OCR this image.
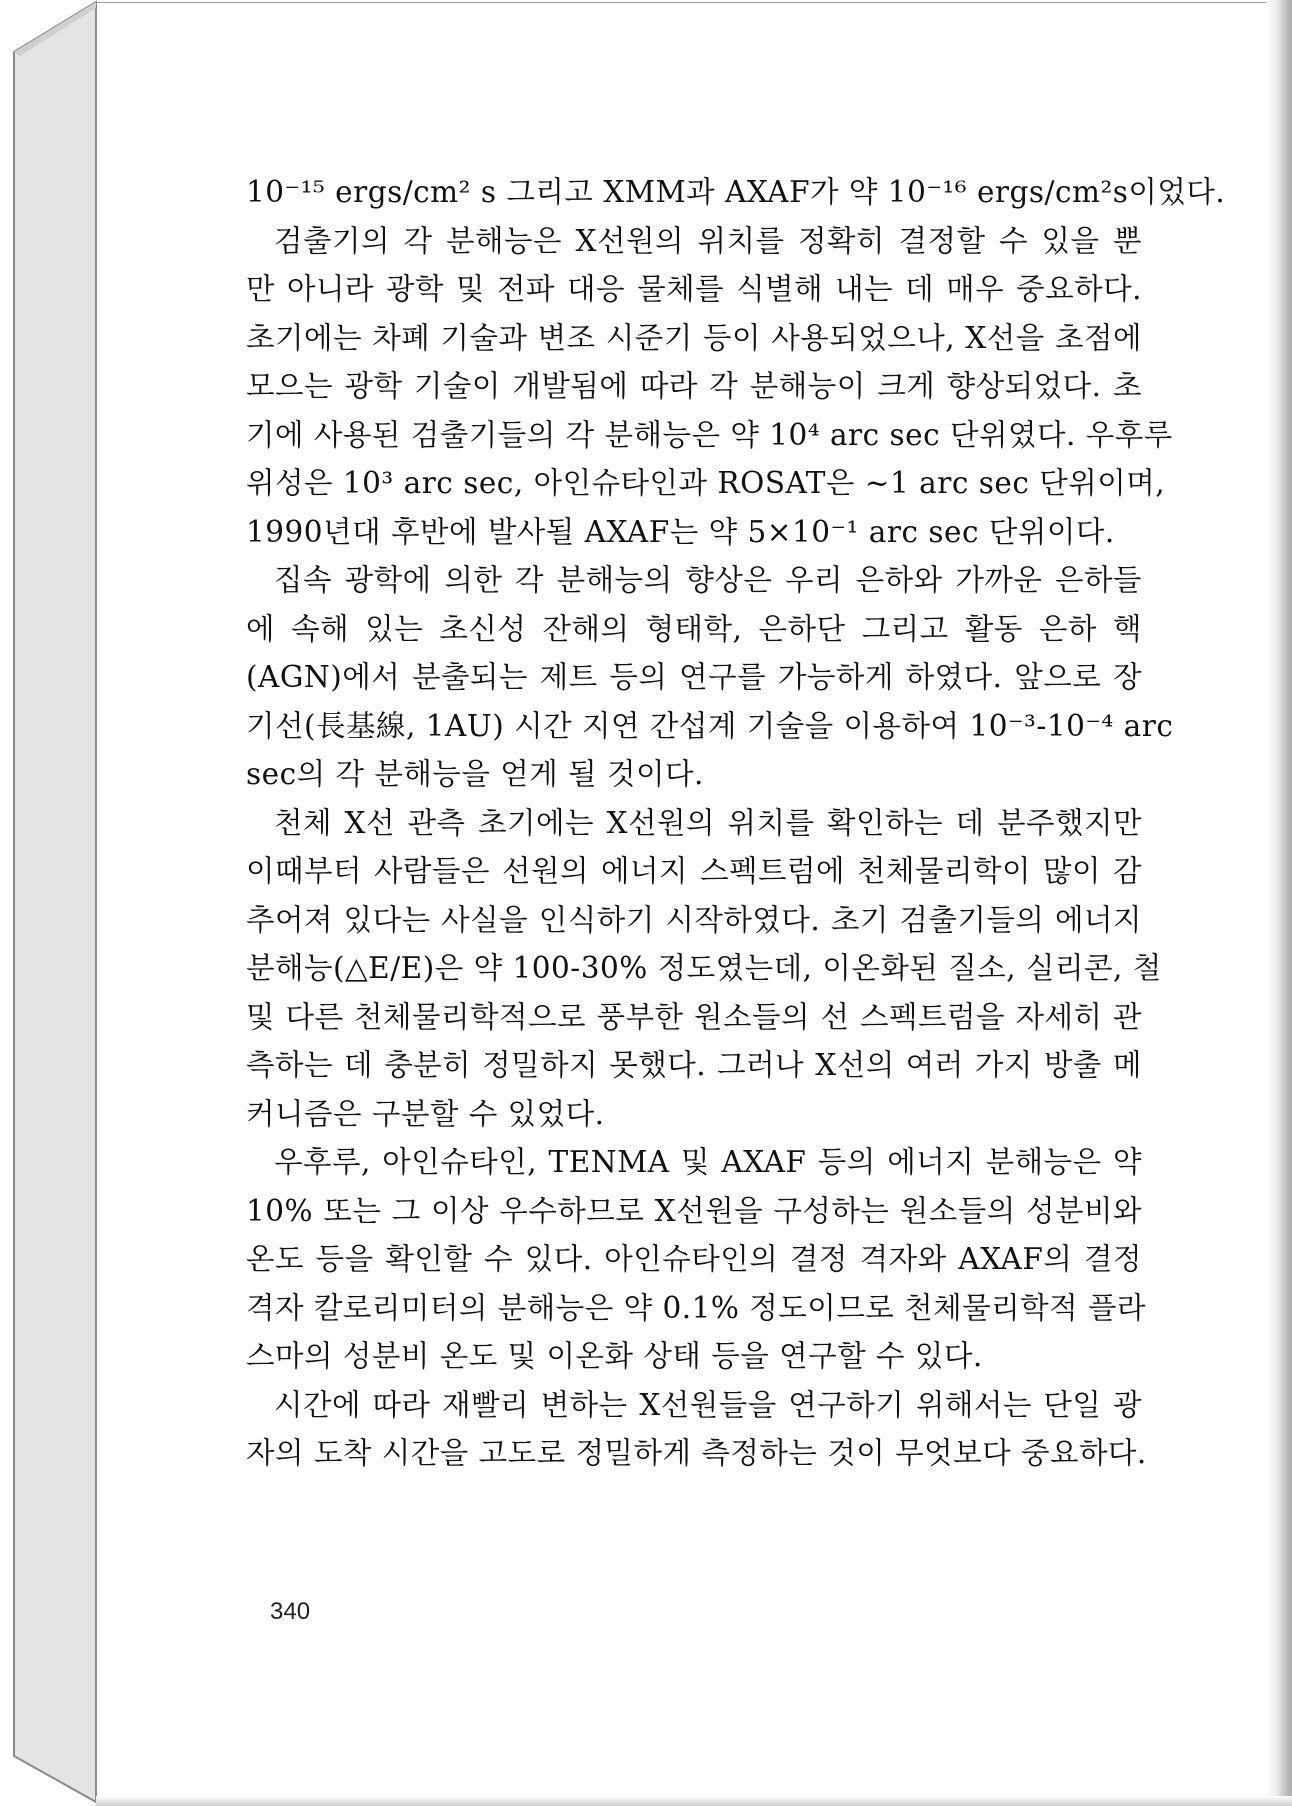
10⁻¹⁵ ergs/cm² s 그리고 XMM과 AXAF가 약 10⁻¹⁶ ergs/cm²s이었다.
검출기의 각 분해능은 X선원의 위치를 정확히 결정할 수 있을 뿐
만 아니라 광학 및 전파 대응 물체를 식별해 내는 데 매우 중요하다.
초기에는 차폐 기술과 변조 시준기 등이 사용되었으나, X선을 초점에
모으는 광학 기술이 개발됨에 따라 각 분해능이 크게 향상되었다. 초
기에 사용된 검출기들의 각 분해능은 약 10⁴ arc sec 단위였다. 우후루
위성은 10³ arc sec, 아인슈타인과 ROSAT은 ~1 arc sec 단위이며,
1990년대 후반에 발사될 AXAF는 약 5×10⁻¹ arc sec 단위이다.
집속 광학에 의한 각 분해능의 향상은 우리 은하와 가까운 은하들
에 속해 있는 초신성 잔해의 형태학, 은하단 그리고 활동 은하 핵
(AGN)에서 분출되는 제트 등의 연구를 가능하게 하였다. 앞으로 장
기선(長基線, 1AU) 시간 지연 간섭계 기술을 이용하여 10⁻³-10⁻⁴ arc
sec의 각 분해능을 얻게 될 것이다.
천체 X선 관측 초기에는 X선원의 위치를 확인하는 데 분주했지만
이때부터 사람들은 선원의 에너지 스펙트럼에 천체물리학이 많이 감
추어져 있다는 사실을 인식하기 시작하였다. 초기 검출기들의 에너지
분해능(△E/E)은 약 100-30% 정도였는데, 이온화된 질소, 실리콘, 철
및 다른 천체물리학적으로 풍부한 원소들의 선 스펙트럼을 자세히 관
측하는 데 충분히 정밀하지 못했다. 그러나 X선의 여러 가지 방출 메
커니즘은 구분할 수 있었다.
우후루, 아인슈타인, TENMA 및 AXAF 등의 에너지 분해능은 약
10% 또는 그 이상 우수하므로 X선원을 구성하는 원소들의 성분비와
온도 등을 확인할 수 있다. 아인슈타인의 결정 격자와 AXAF의 결정
격자 칼로리미터의 분해능은 약 0.1% 정도이므로 천체물리학적 플라
스마의 성분비 온도 및 이온화 상태 등을 연구할 수 있다.
시간에 따라 재빨리 변하는 X선원들을 연구하기 위해서는 단일 광
자의 도착 시간을 고도로 정밀하게 측정하는 것이 무엇보다 중요하다.
340
